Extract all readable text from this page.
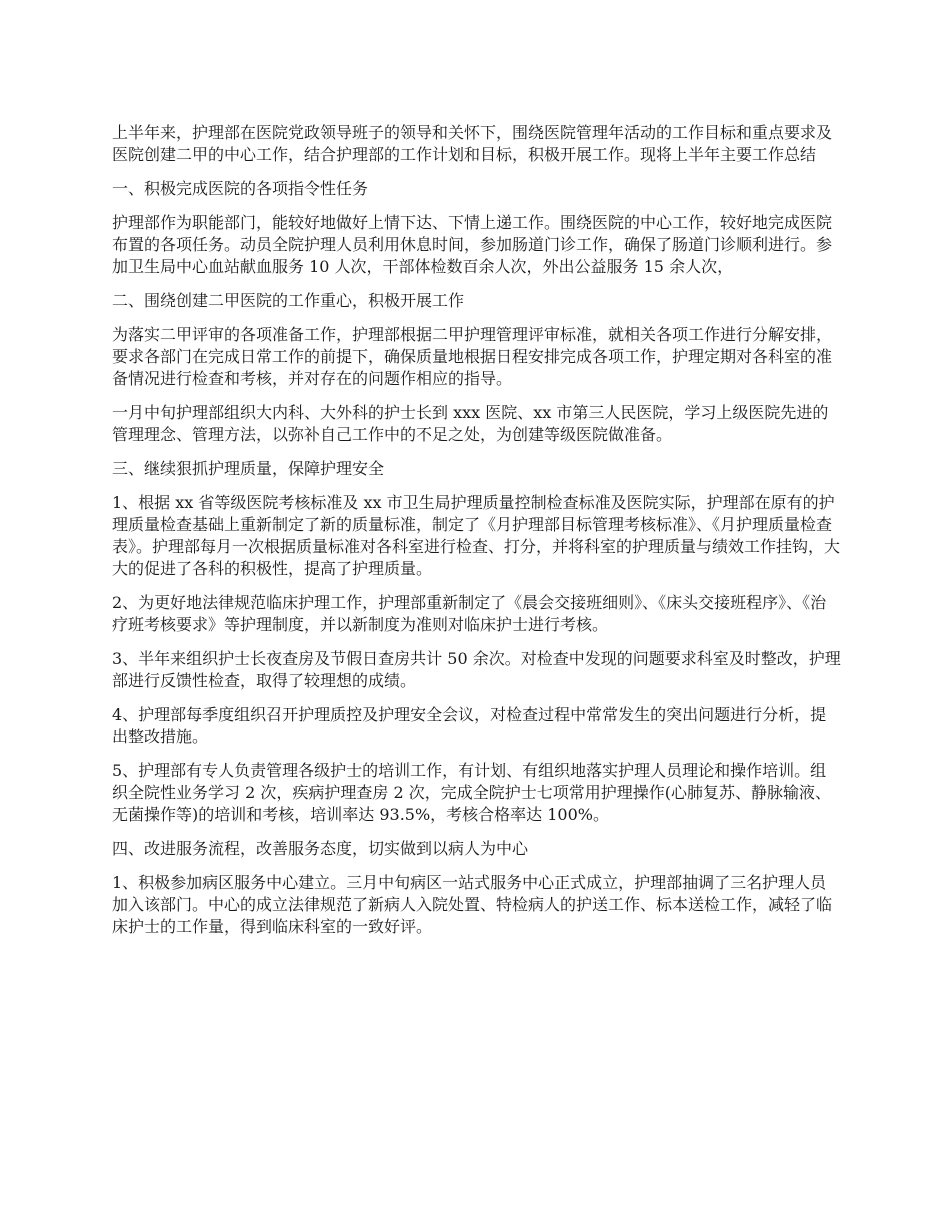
上半年来，护理部在医院党政领导班子的领导和关怀下，围绕医院管理年活动的工作目标和重点要求及医院创建二甲的中心工作，结合护理部的工作计划和目标，积极开展工作。现将上半年主要工作总结

一、积极完成医院的各项指令性任务

护理部作为职能部门，能较好地做好上情下达、下情上递工作。围绕医院的中心工作，较好地完成医院布置的各项任务。动员全院护理人员利用休息时间，参加肠道门诊工作，确保了肠道门诊顺利进行。参加卫生局中心血站献血服务 10 人次，干部体检数百余人次，外出公益服务 15 余人次，

二、围绕创建二甲医院的工作重心，积极开展工作

为落实二甲评审的各项准备工作，护理部根据二甲护理管理评审标准，就相关各项工作进行分解安排，要求各部门在完成日常工作的前提下，确保质量地根据日程安排完成各项工作，护理定期对各科室的准备情况进行检查和考核，并对存在的问题作相应的指导。

一月中旬护理部组织大内科、大外科的护士长到 xxx 医院、xx 市第三人民医院，学习上级医院先进的管理理念、管理方法，以弥补自己工作中的不足之处，为创建等级医院做准备。

三、继续狠抓护理质量，保障护理安全

1、根据 xx 省等级医院考核标准及 xx 市卫生局护理质量控制检查标准及医院实际，护理部在原有的护理质量检查基础上重新制定了新的质量标准，制定了《月护理部目标管理考核标准》、《月护理质量检查表》。护理部每月一次根据质量标准对各科室进行检查、打分，并将科室的护理质量与绩效工作挂钩，大大的促进了各科的积极性，提高了护理质量。

2、为更好地法律规范临床护理工作，护理部重新制定了《晨会交接班细则》、《床头交接班程序》、《治疗班考核要求》等护理制度，并以新制度为准则对临床护士进行考核。

3、半年来组织护士长夜查房及节假日查房共计 50 余次。对检查中发现的问题要求科室及时整改，护理部进行反馈性检查，取得了较理想的成绩。

4、护理部每季度组织召开护理质控及护理安全会议，对检查过程中常常发生的突出问题进行分析，提出整改措施。

5、护理部有专人负责管理各级护士的培训工作，有计划、有组织地落实护理人员理论和操作培训。组织全院性业务学习 2 次，疾病护理查房 2 次，完成全院护士七项常用护理操作(心肺复苏、静脉输液、无菌操作等)的培训和考核，培训率达 93.5%，考核合格率达 100%。

四、改进服务流程，改善服务态度，切实做到以病人为中心

1、积极参加病区服务中心建立。三月中旬病区一站式服务中心正式成立，护理部抽调了三名护理人员加入该部门。中心的成立法律规范了新病人入院处置、特检病人的护送工作、标本送检工作，减轻了临床护士的工作量，得到临床科室的一致好评。
